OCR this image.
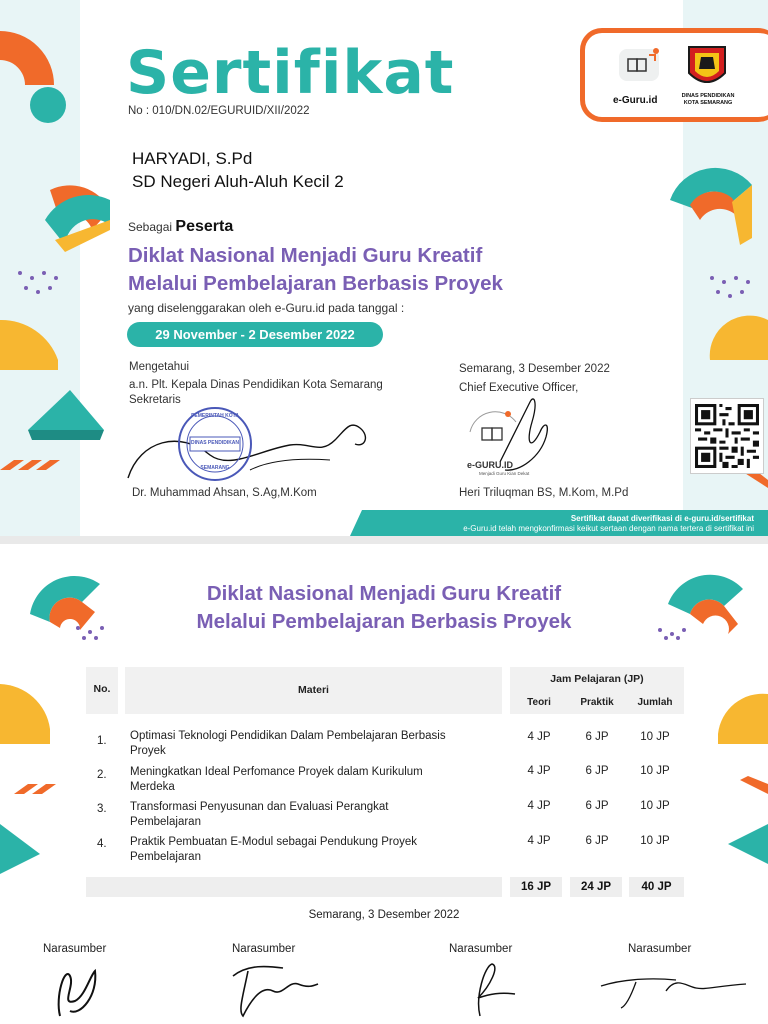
Sertifikat
No : 010/DN.02/EGURUID/XII/2022
e-Guru.id	DINAS PENDIDIKAN
KOTA SEMARANG
HARYADI, S.Pd
SD Negeri Aluh-Aluh Kecil 2
Sebagai Peserta
Diklat Nasional Menjadi Guru Kreatif
Melalui Pembelajaran Berbasis Proyek
yang diselenggarakan oleh e-Guru.id pada tanggal :
29 November - 2 Desember 2022
Mengetahui
a.n. Plt. Kepala Dinas Pendidikan Kota Semarang
Sekretaris
PEMERINTAH KOTA
DINAS PENDIDIKAN
SEMARANG
Dr. Muhammad Ahsan, S.Ag,M.Kom
Semarang, 3 Desember 2022
Chief Executive Officer,
e-GURU.ID
Menjadi Guru Kian Dekat
Heri Triluqman BS, M.Kom, M.Pd
Sertifikat dapat diverifikasi di e-guru.id/sertifikat
e-Guru.id telah mengkonfirmasi keikut sertaan dengan nama tertera di sertifikat ini
Diklat Nasional Menjadi Guru Kreatif
Melalui Pembelajaran Berbasis Proyek
No.	Materi
Jam Pelajaran (JP)
Teori	Praktik	Jumlah
1. Optimasi Teknologi Pendidikan Dalam Pembelajaran Berbasis
Proyek
4 JP	6 JP	10 JP
2. Meningkatkan Ideal Perfomance Proyek dalam Kurikulum
Merdeka
4 JP	6 JP	10 JP
3. Transformasi Penyusunan dan Evaluasi Perangkat
Pembelajaran
4 JP	6 JP	10 JP
4. Praktik Pembuatan E-Modul sebagai Pendukung Proyek
Pembelajaran
4 JP	6 JP	10 JP
16 JP	24 JP	40 JP
Semarang, 3 Desember 2022
Narasumber	Narasumber	Narasumber	Narasumber
